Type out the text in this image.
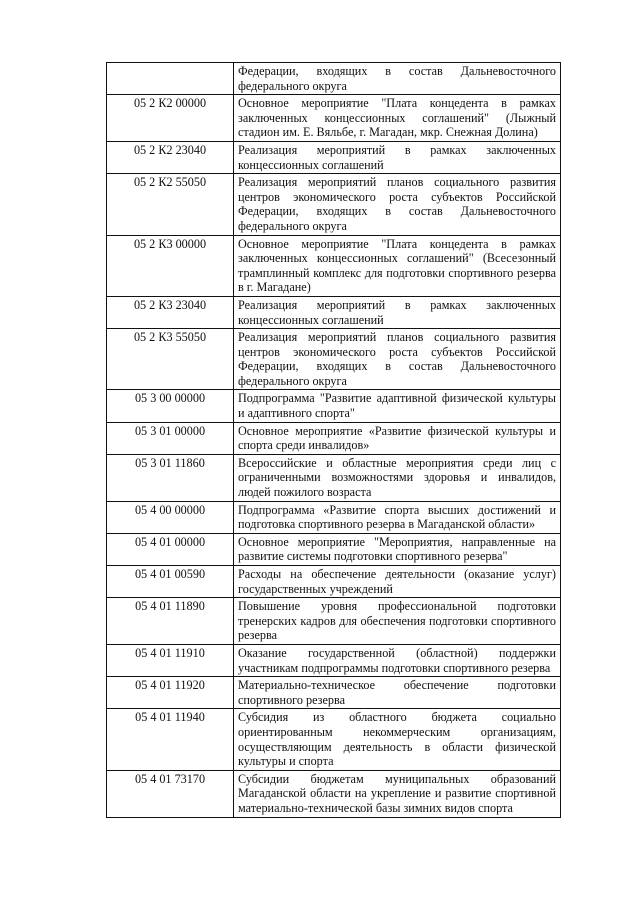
	Федерации, входящих в состав Дальневосточного федерального округа
05 2 К2 00000	Основное мероприятие "Плата концедента в рамках заключенных концессионных соглашений" (Лыжный стадион им. Е. Вяльбе, г. Магадан, мкр. Снежная Долина)
05 2 К2 23040	Реализация мероприятий в рамках заключенных концессионных соглашений
05 2 К2 55050	Реализация мероприятий планов социального развития центров экономического роста субъектов Российской Федерации, входящих в состав Дальневосточного федерального округа
05 2 К3 00000	Основное мероприятие "Плата концедента в рамках заключенных концессионных соглашений" (Всесезонный трамплинный комплекс для подготовки спортивного резерва в г. Магадане)
05 2 К3 23040	Реализация мероприятий в рамках заключенных концессионных соглашений
05 2 К3 55050	Реализация мероприятий планов социального развития центров экономического роста субъектов Российской Федерации, входящих в состав Дальневосточного федерального округа
05 3 00 00000	Подпрограмма "Развитие адаптивной физической культуры и адаптивного спорта"
05 3 01 00000	Основное мероприятие «Развитие физической культуры и спорта среди инвалидов»
05 3 01 11860	Всероссийские и областные мероприятия среди лиц с ограниченными возможностями здоровья и инвалидов, людей пожилого возраста
05 4 00 00000	Подпрограмма «Развитие спорта высших достижений и подготовка спортивного резерва в Магаданской области»
05 4 01 00000	Основное мероприятие "Мероприятия, направленные на развитие системы подготовки спортивного резерва"
05 4 01 00590	Расходы на обеспечение деятельности (оказание услуг) государственных учреждений
05 4 01 11890	Повышение уровня профессиональной подготовки тренерских кадров для обеспечения подготовки спортивного резерва
05 4 01 11910	Оказание государственной (областной) поддержки участникам подпрограммы подготовки спортивного резерва
05 4 01 11920	Материально-техническое обеспечение подготовки спортивного резерва
05 4 01 11940	Субсидия из областного бюджета социально ориентированным некоммерческим организациям, осуществляющим деятельность в области физической культуры и спорта
05 4 01 73170	Субсидии бюджетам муниципальных образований Магаданской области на укрепление и развитие спортивной материально-технической базы зимних видов спорта
